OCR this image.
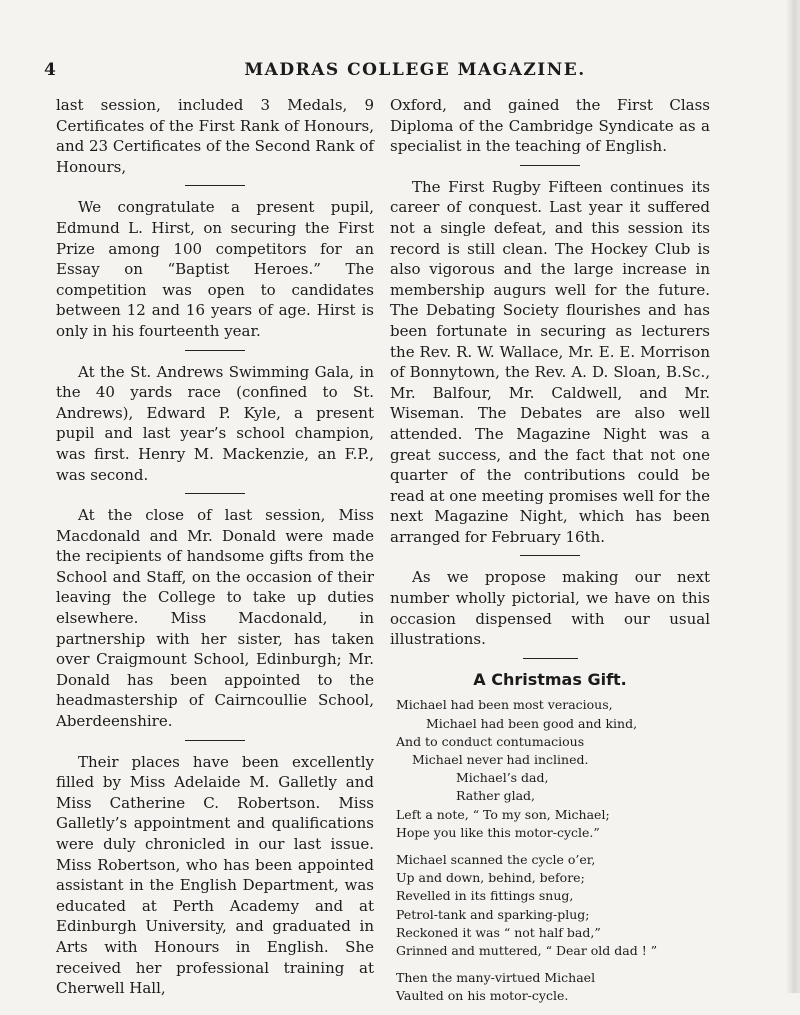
4	MADRAS COLLEGE MAGAZINE.

last session, included 3 Medals, 9 Certificates of the First Rank of Honours, and 23 Certificates of the Second Rank of Honours,

We congratulate a present pupil, Edmund L. Hirst, on securing the First Prize among 100 competitors for an Essay on “Baptist Heroes.” The competition was open to candidates between 12 and 16 years of age. Hirst is only in his fourteenth year.

At the St. Andrews Swimming Gala, in the 40 yards race (confined to St. Andrews), Edward P. Kyle, a present pupil and last year’s school champion, was first. Henry M. Mackenzie, an F.P., was second.

At the close of last session, Miss Macdonald and Mr. Donald were made the recipients of handsome gifts from the School and Staff, on the occasion of their leaving the College to take up duties elsewhere. Miss Macdonald, in partnership with her sister, has taken over Craigmount School, Edinburgh; Mr. Donald has been appointed to the headmastership of Cairncoullie School, Aberdeenshire.

Their places have been excellently filled by Miss Adelaide M. Galletly and Miss Catherine C. Robertson. Miss Galletly’s appointment and qualifications were duly chronicled in our last issue. Miss Robertson, who has been appointed assistant in the English Department, was educated at Perth Academy and at Edinburgh University, and graduated in Arts with Honours in English. She received her professional training at Cherwell Hall,

Oxford, and gained the First Class Diploma of the Cambridge Syndicate as a specialist in the teaching of English.

The First Rugby Fifteen continues its career of conquest. Last year it suffered not a single defeat, and this session its record is still clean. The Hockey Club is also vigorous and the large increase in membership augurs well for the future. The Debating Society flourishes and has been fortunate in securing as lecturers the Rev. R. W. Wallace, Mr. E. E. Morrison of Bonnytown, the Rev. A. D. Sloan, B.Sc., Mr. Balfour, Mr. Caldwell, and Mr. Wiseman. The Debates are also well attended. The Magazine Night was a great success, and the fact that not one quarter of the contributions could be read at one meeting promises well for the next Magazine Night, which has been arranged for February 16th.

As we propose making our next number wholly pictorial, we have on this occasion dispensed with our usual illustrations.

A Christmas Gift.
Michael had been most veracious,
Michael had been good and kind,
And to conduct contumacious
Michael never had inclined.
Michael’s dad,
Rather glad,
Left a note, “ To my son, Michael;
Hope you like this motor-cycle.”
Michael scanned the cycle o’er,
Up and down, behind, before;
Revelled in its fittings snug,
Petrol-tank and sparking-plug;
Reckoned it was “ not half bad,”
Grinned and muttered, “ Dear old dad ! ”
Then the many-virtued Michael
Vaulted on his motor-cycle.
